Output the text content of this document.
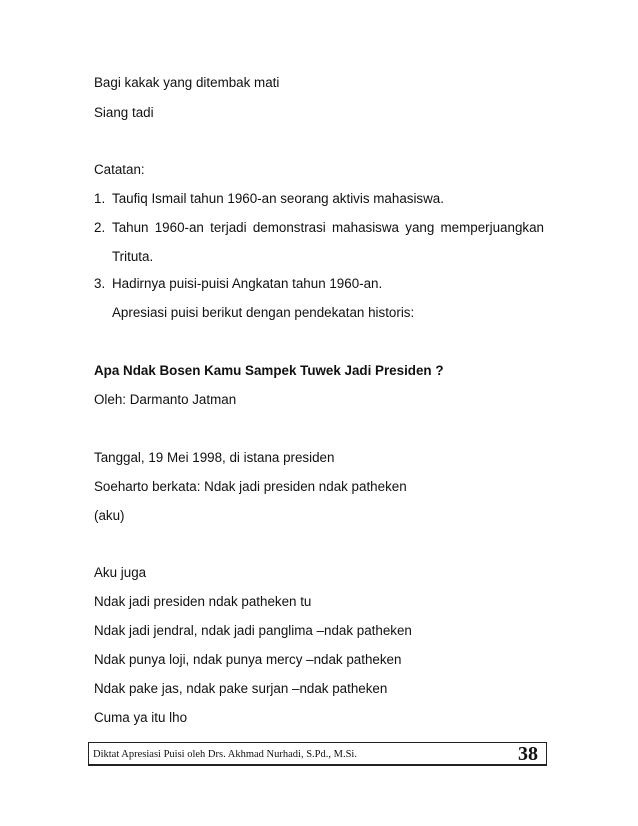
Bagi kakak yang ditembak mati
Siang tadi
Catatan:
1. Taufiq Ismail tahun 1960-an seorang aktivis mahasiswa.
2. Tahun 1960-an terjadi demonstrasi mahasiswa yang memperjuangkan
Trituta.
3. Hadirnya puisi-puisi Angkatan tahun 1960-an.
Apresiasi puisi berikut dengan pendekatan historis:
Apa Ndak Bosen Kamu Sampek Tuwek Jadi Presiden ?
Oleh: Darmanto Jatman
Tanggal, 19 Mei 1998, di istana presiden
Soeharto berkata: Ndak jadi presiden ndak patheken
(aku)
Aku juga
Ndak jadi presiden ndak patheken tu
Ndak jadi jendral, ndak jadi panglima –ndak patheken
Ndak punya loji, ndak punya mercy –ndak patheken
Ndak pake jas, ndak pake surjan –ndak patheken
Cuma ya itu lho
Diktat Apresiasi Puisi oleh Drs. Akhmad Nurhadi, S.Pd., M.Si.	38
